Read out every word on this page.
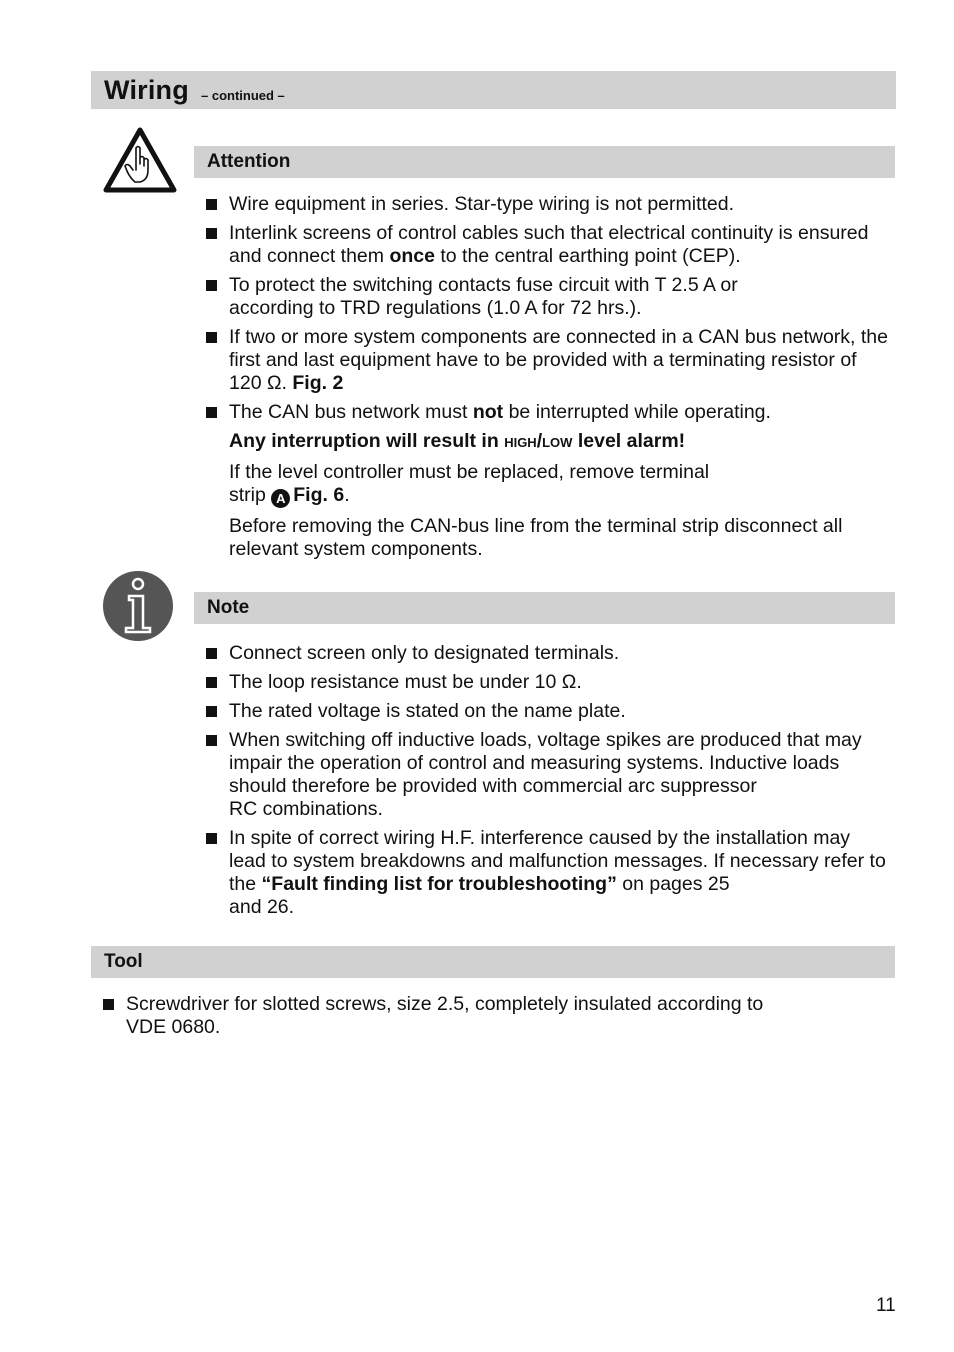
Wiring – continued –
Attention
Wire equipment in series. Star-type wiring is not permitted.
Interlink screens of control cables such that electrical continuity is ensured and connect them once to the central earthing point (CEP).
To protect the switching contacts fuse circuit with T 2.5 A or
according to TRD regulations (1.0 A for 72 hrs.).
If two or more system components are connected in a CAN bus network, the first and last equipment have to be provided with a terminating resistor of 120 Ω. Fig. 2
The CAN bus network must not be interrupted while operating.
Any interruption will result in HIGH/LOW level alarm!
If the level controller must be replaced, remove terminal
strip A Fig. 6.
Before removing the CAN-bus line from the terminal strip disconnect all relevant system components.
Note
Connect screen only to designated terminals.
The loop resistance must be under 10 Ω.
The rated voltage is stated on the name plate.
When switching off inductive loads, voltage spikes are produced that may impair the operation of control and measuring systems. Inductive loads should therefore be provided with commercial arc suppressor
RC combinations.
In spite of correct wiring H.F. interference caused by the installation may lead to system breakdowns and malfunction messages. If necessary refer to the “Fault finding list for troubleshooting” on pages 25
and 26.
Tool
Screwdriver for slotted screws, size 2.5, completely insulated according to
VDE 0680.
11
